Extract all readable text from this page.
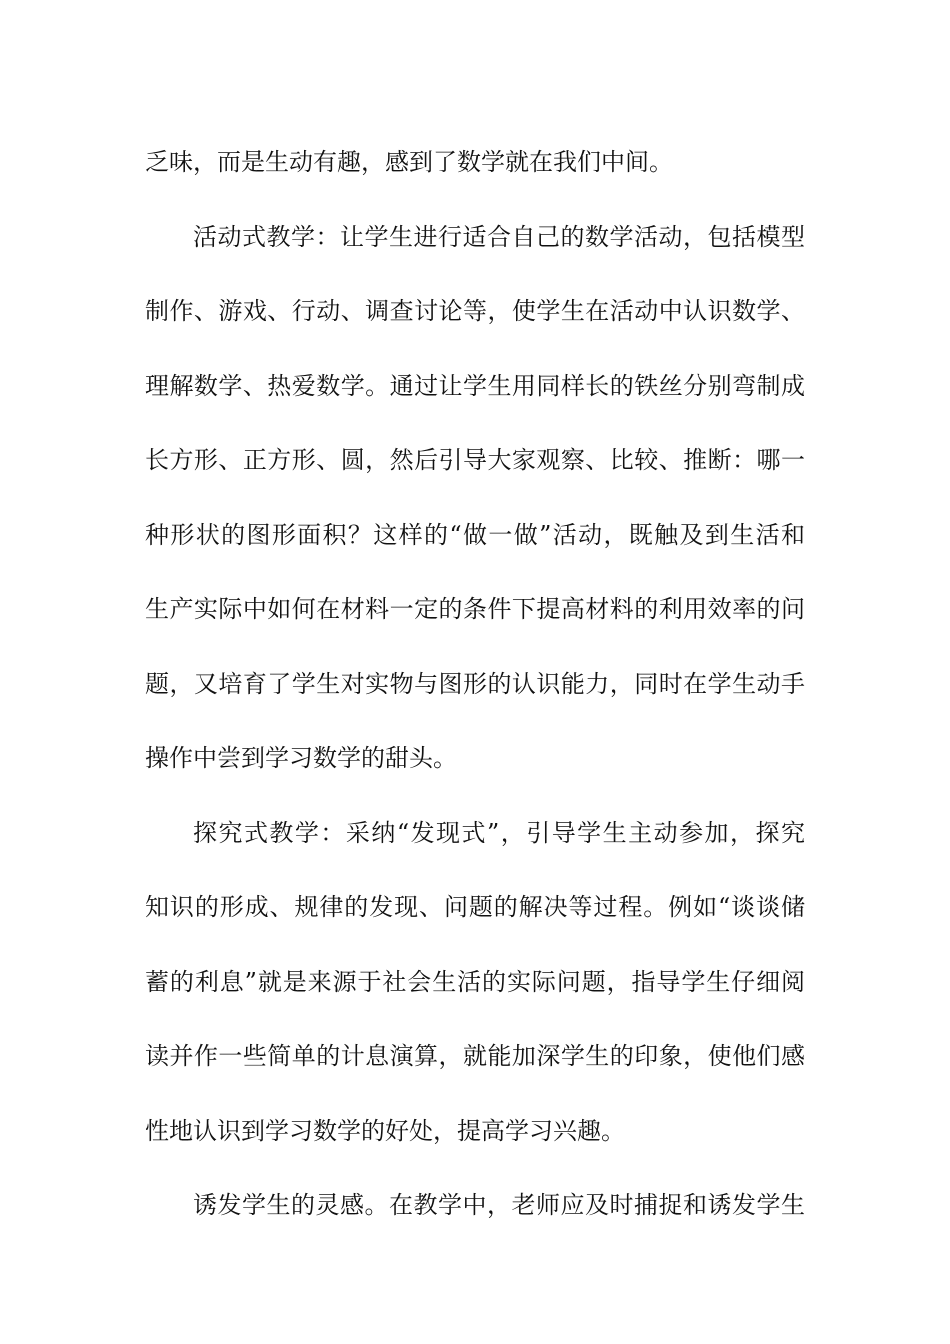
乏味，而是生动有趣，感到了数学就在我们中间。
活动式教学：让学生进行适合自己的数学活动，包括模型
制作、游戏、行动、调查讨论等，使学生在活动中认识数学、
理解数学、热爱数学。通过让学生用同样长的铁丝分别弯制成
长方形、正方形、圆，然后引导大家观察、比较、推断：哪一
种形状的图形面积？这样的“做一做”活动，既触及到生活和
生产实际中如何在材料一定的条件下提高材料的利用效率的问
题，又培育了学生对实物与图形的认识能力，同时在学生动手
操作中尝到学习数学的甜头。
探究式教学：采纳“发现式”，引导学生主动参加，探究
知识的形成、规律的发现、问题的解决等过程。例如“谈谈储
蓄的利息”就是来源于社会生活的实际问题，指导学生仔细阅
读并作一些简单的计息演算，就能加深学生的印象，使他们感
性地认识到学习数学的好处，提高学习兴趣。
诱发学生的灵感。在教学中，老师应及时捕捉和诱发学生
